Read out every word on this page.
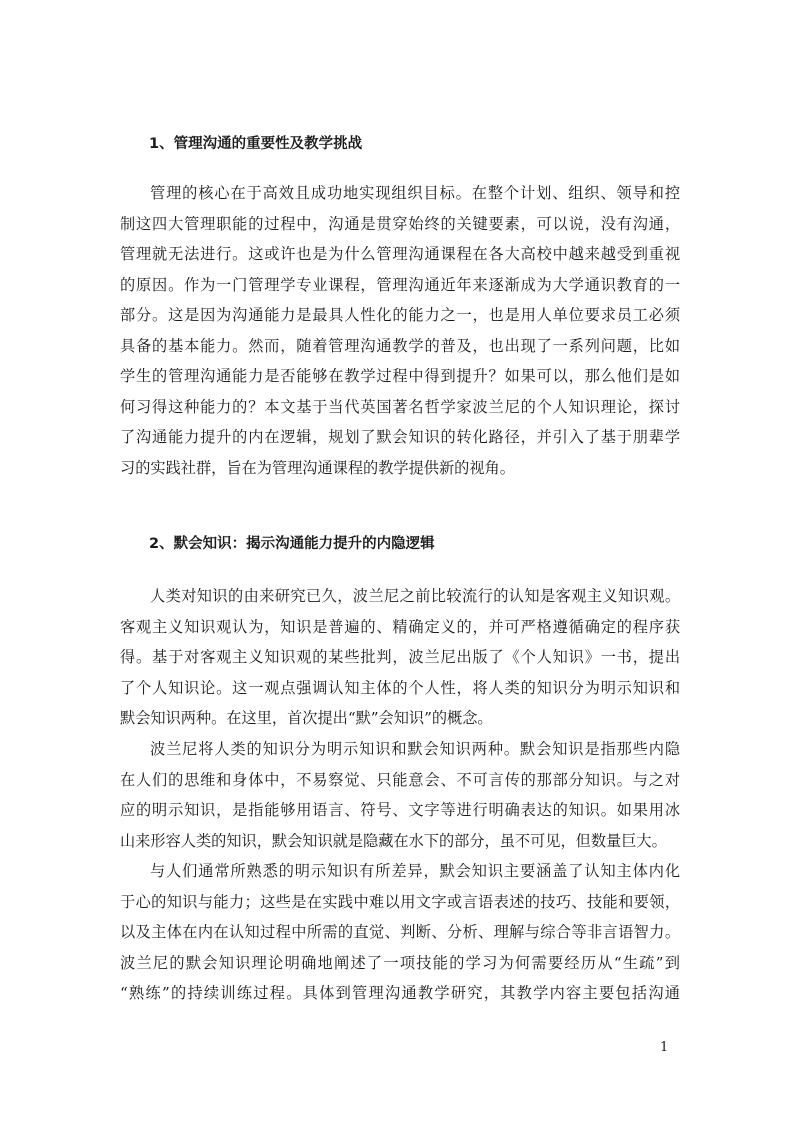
1、管理沟通的重要性及教学挑战
管理的核心在于高效且成功地实现组织目标。在整个计划、组织、领导和控
制这四大管理职能的过程中，沟通是贯穿始终的关键要素，可以说，没有沟通，
管理就无法进行。这或许也是为什么管理沟通课程在各大高校中越来越受到重视
的原因。作为一门管理学专业课程，管理沟通近年来逐渐成为大学通识教育的一
部分。这是因为沟通能力是最具人性化的能力之一，也是用人单位要求员工必须
具备的基本能力。然而，随着管理沟通教学的普及，也出现了一系列问题，比如
学生的管理沟通能力是否能够在教学过程中得到提升？如果可以，那么他们是如
何习得这种能力的？本文基于当代英国著名哲学家波兰尼的个人知识理论，探讨
了沟通能力提升的内在逻辑，规划了默会知识的转化路径，并引入了基于朋辈学
习的实践社群，旨在为管理沟通课程的教学提供新的视角。
2、默会知识：揭示沟通能力提升的内隐逻辑
人类对知识的由来研究已久，波兰尼之前比较流行的认知是客观主义知识观。
客观主义知识观认为，知识是普遍的、精确定义的，并可严格遵循确定的程序获
得。基于对客观主义知识观的某些批判，波兰尼出版了《个人知识》一书，提出
了个人知识论。这一观点强调认知主体的个人性，将人类的知识分为明示知识和
默会知识两种。在这里，首次提出“默”会知识”的概念。
波兰尼将人类的知识分为明示知识和默会知识两种。默会知识是指那些内隐
在人们的思维和身体中，不易察觉、只能意会、不可言传的那部分知识。与之对
应的明示知识，是指能够用语言、符号、文字等进行明确表达的知识。如果用冰
山来形容人类的知识，默会知识就是隐藏在水下的部分，虽不可见，但数量巨大。
与人们通常所熟悉的明示知识有所差异，默会知识主要涵盖了认知主体内化
于心的知识与能力；这些是在实践中难以用文字或言语表述的技巧、技能和要领，
以及主体在内在认知过程中所需的直觉、判断、分析、理解与综合等非言语智力。
波兰尼的默会知识理论明确地阐述了一项技能的学习为何需要经历从“生疏”到
“熟练”的持续训练过程。具体到管理沟通教学研究，其教学内容主要包括沟通
1
